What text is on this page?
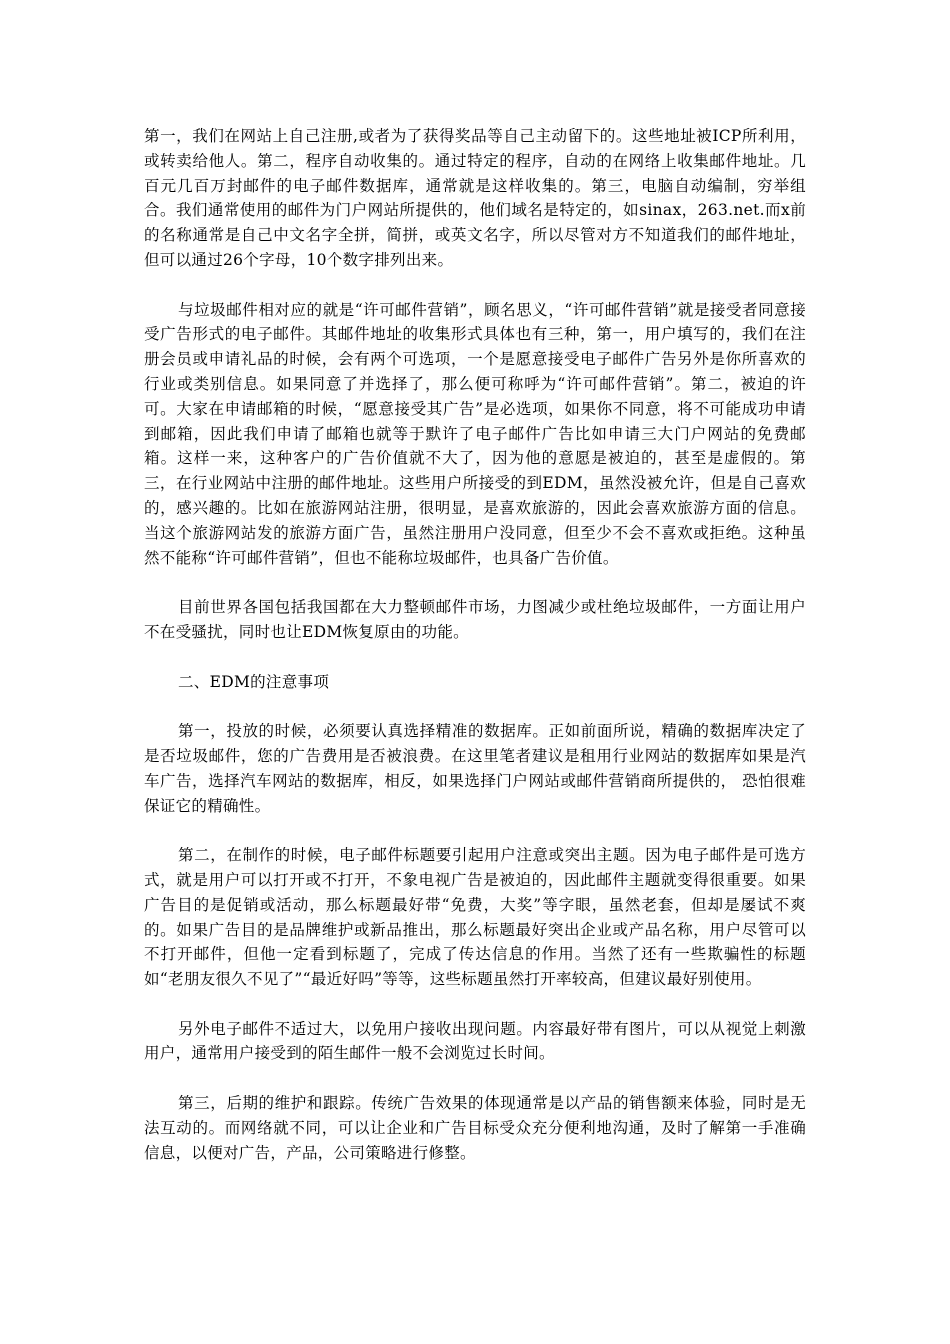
第一，我们在网站上自己注册,或者为了获得奖品等自己主动留下的。这些地址被ICP所利用，或转卖给他人。第二，程序自动收集的。通过特定的程序，自动的在网络上收集邮件地址。几百元几百万封邮件的电子邮件数据库，通常就是这样收集的。第三，电脑自动编制，穷举组合。我们通常使用的邮件为门户网站所提供的，他们域名是特定的，如sinax，263.net.而x前的名称通常是自己中文名字全拼，简拼，或英文名字，所以尽管对方不知道我们的邮件地址，但可以通过26个字母，10个数字排列出来。

与垃圾邮件相对应的就是“许可邮件营销”，顾名思义，“许可邮件营销”就是接受者同意接受广告形式的电子邮件。其邮件地址的收集形式具体也有三种，第一，用户填写的，我们在注册会员或申请礼品的时候，会有两个可选项，一个是愿意接受电子邮件广告另外是你所喜欢的行业或类别信息。如果同意了并选择了，那么便可称呼为“许可邮件营销”。第二，被迫的许可。大家在申请邮箱的时候，“愿意接受其广告”是必选项，如果你不同意，将不可能成功申请到邮箱，因此我们申请了邮箱也就等于默许了电子邮件广告比如申请三大门户网站的免费邮箱。这样一来，这种客户的广告价值就不大了，因为他的意愿是被迫的，甚至是虚假的。第三，在行业网站中注册的邮件地址。这些用户所接受的到EDM，虽然没被允许，但是自己喜欢的，感兴趣的。比如在旅游网站注册，很明显，是喜欢旅游的，因此会喜欢旅游方面的信息。当这个旅游网站发的旅游方面广告，虽然注册用户没同意，但至少不会不喜欢或拒绝。这种虽然不能称“许可邮件营销”，但也不能称垃圾邮件，也具备广告价值。

目前世界各国包括我国都在大力整顿邮件市场，力图减少或杜绝垃圾邮件，一方面让用户不在受骚扰，同时也让EDM恢复原由的功能。

二、EDM的注意事项

第一，投放的时候，必须要认真选择精准的数据库。正如前面所说，精确的数据库决定了是否垃圾邮件，您的广告费用是否被浪费。在这里笔者建议是租用行业网站的数据库如果是汽车广告，选择汽车网站的数据库，相反，如果选择门户网站或邮件营销商所提供的， 恐怕很难保证它的精确性。

第二，在制作的时候，电子邮件标题要引起用户注意或突出主题。因为电子邮件是可选方式，就是用户可以打开或不打开，不象电视广告是被迫的，因此邮件主题就变得很重要。如果广告目的是促销或活动，那么标题最好带“免费，大奖”等字眼，虽然老套，但却是屡试不爽的。如果广告目的是品牌维护或新品推出，那么标题最好突出企业或产品名称，用户尽管可以不打开邮件，但他一定看到标题了，完成了传达信息的作用。当然了还有一些欺骗性的标题如“老朋友很久不见了”“最近好吗”等等，这些标题虽然打开率较高，但建议最好别使用。

另外电子邮件不适过大，以免用户接收出现问题。内容最好带有图片，可以从视觉上刺激用户，通常用户接受到的陌生邮件一般不会浏览过长时间。

第三，后期的维护和跟踪。传统广告效果的体现通常是以产品的销售额来体验，同时是无法互动的。而网络就不同，可以让企业和广告目标受众充分便利地沟通，及时了解第一手准确信息，以便对广告，产品，公司策略进行修整。
